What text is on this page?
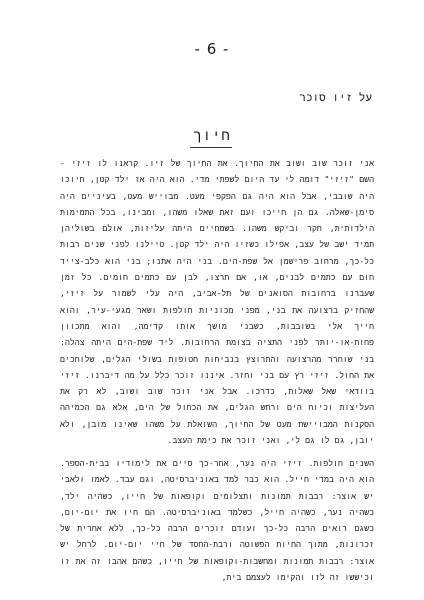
- 6 -
על זיו סוכר
חיוך

אני זוכר שוב ושוב את החיוך. את החיוך של זיו. קראנו לו זיזי - השם "זיזי" דומה לי עד היום לשפתי מדי. הוא היה אז ילד קטן, חיוכו היה שובבי, אבל הוא היה גם הפקפי מעט. מבוייש מעט, בעיניים היה סימן-שאלה. גם הן חייכו ועם זאת שאלו משהו, ומבינו, בכל התמימות הילדותית, חקר וביקש משהו. בשמחיים היתה עליזות, אולם בשוליהן תמיד ישב של עצב, אפילו כשזיו היה ילד קטן. טיילנו לפני שנים רבות כל-כך, מרחוב פרישמן אל שפת-הים. בני היה אתנו; בני הוא כלב-צייד חום עם כתמים לבנים, או, אם תרצו, לבן עם כתמים חומים. כל זמן שעברנו ברחובות הסואנים של תל-אביב, היה עלי לשמור על זיזי, שהחזיק ברצועה את בני, מפני מכוניות חולפות ושאר מגעי-עיר, והוא חייך אלי בשובבות, כשבני מושך אותו קדימה, והוא מתכוון פחות-או-יותר לפני התציה בצומת הרחובות. ליד שפת-הים היתה צהלה: בני שוחרר מהרצועה והתרוצץ בנביחות חטופות בשולי הגלים, שלוחכים את החול. זיזי רץ עם בני וחזר. איננו זוכר כלל על מה דיברנו. זיזי בוודאי שאל שאלות, כדרכו. אבל אני זוכר שוב ושוב, לא רק את העליצות וכיוח הים ורחש הגלים, את הכחול של הים, אלא גם הכמיהה הסקנות המבויישת מעט של החיוך, השואלת על משהו שאינו מובן, ולא יובן, גם לו גם לי, ואני זוכר את כימת העצב.

השנים חולפות. זיזי היה נער, אחר-כך סיים את לימודיו בבית-הספר. הוא היה במדי חייל. הוא כבר למד באוניברסיטה, וגם עבד. לאמו ולאבי יש אוצר: רבבות תמונות ותצלומים וקופאות של חייו, כשהיה ילד, כשהיה נער, כשהיה חייל, כשלמד באוניברסיטה. הם חיו את יום-יום, כשגם רואים הרבה כל-כך ועודם זוכרים הרבה כל-כך, ללא אחרית של זכרונות, מתוך החיות הפשוטה ורבת-החסד של חיי יום-יום. לרחל יש אוצר: רבבות תמונות ומחשבות-וקופאות של חייו, כשהם אהבו זה את זו וכיששו זה לזו והקימו לעצמם בית,
